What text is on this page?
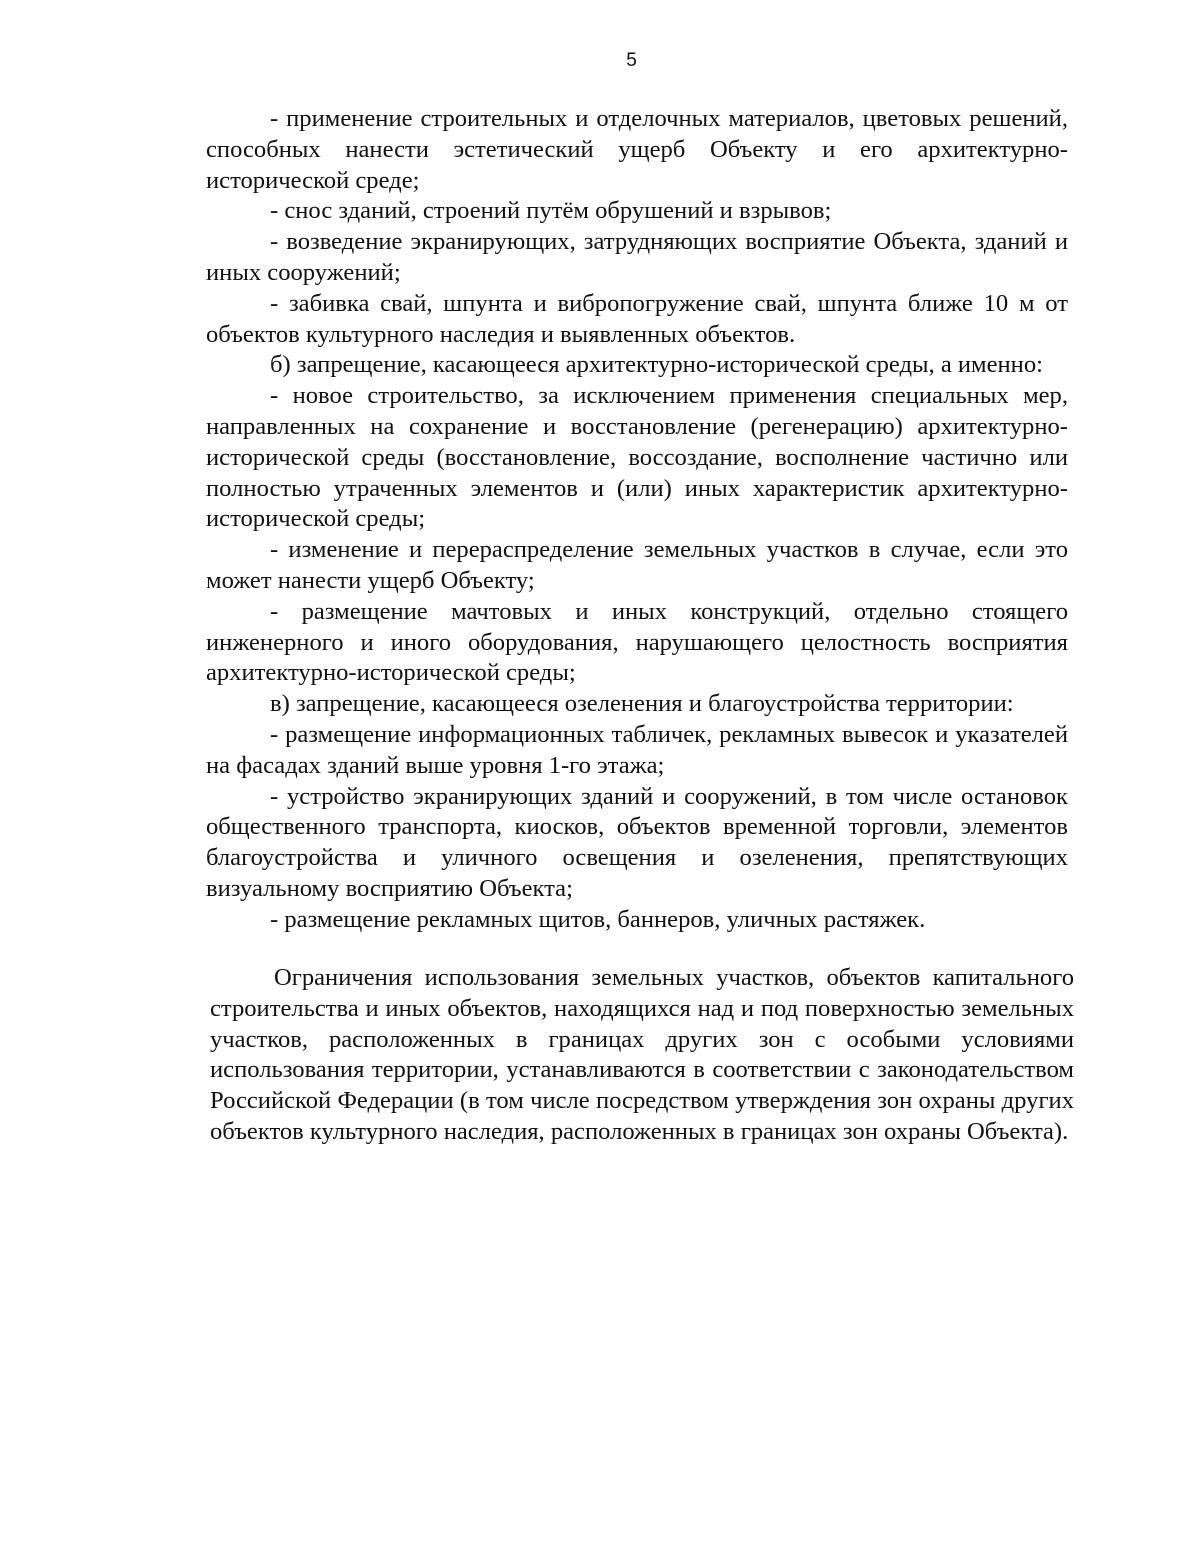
5

- применение строительных и отделочных материалов, цветовых решений, способных нанести эстетический ущерб Объекту и его архитектурно-исторической среде;

- снос зданий, строений путём обрушений и взрывов;

- возведение экранирующих, затрудняющих восприятие Объекта, зданий и иных сооружений;

- забивка свай, шпунта и вибропогружение свай, шпунта ближе 10 м от объектов культурного наследия и выявленных объектов.

б) запрещение, касающееся архитектурно-исторической среды, а именно:

- новое строительство, за исключением применения специальных мер, направленных на сохранение и восстановление (регенерацию) архитектурно-исторической среды (восстановление, воссоздание, восполнение частично или полностью утраченных элементов и (или) иных характеристик архитектурно-исторической среды;

- изменение и перераспределение земельных участков в случае, если это может нанести ущерб Объекту;

- размещение мачтовых и иных конструкций, отдельно стоящего инженерного и иного оборудования, нарушающего целостность восприятия архитектурно-исторической среды;

в) запрещение, касающееся озеленения и благоустройства территории:

- размещение информационных табличек, рекламных вывесок и указателей на фасадах зданий выше уровня 1-го этажа;

- устройство экранирующих зданий и сооружений, в том числе остановок общественного транспорта, киосков, объектов временной торговли, элементов благоустройства и уличного освещения и озеленения, препятствующих визуальному восприятию Объекта;

- размещение рекламных щитов, баннеров, уличных растяжек.

Ограничения использования земельных участков, объектов капитального строительства и иных объектов, находящихся над и под поверхностью земельных участков, расположенных в границах других зон с особыми условиями использования территории, устанавливаются в соответствии с законодательством Российской Федерации (в том числе посредством утверждения зон охраны других объектов культурного наследия, расположенных в границах зон охраны Объекта).
